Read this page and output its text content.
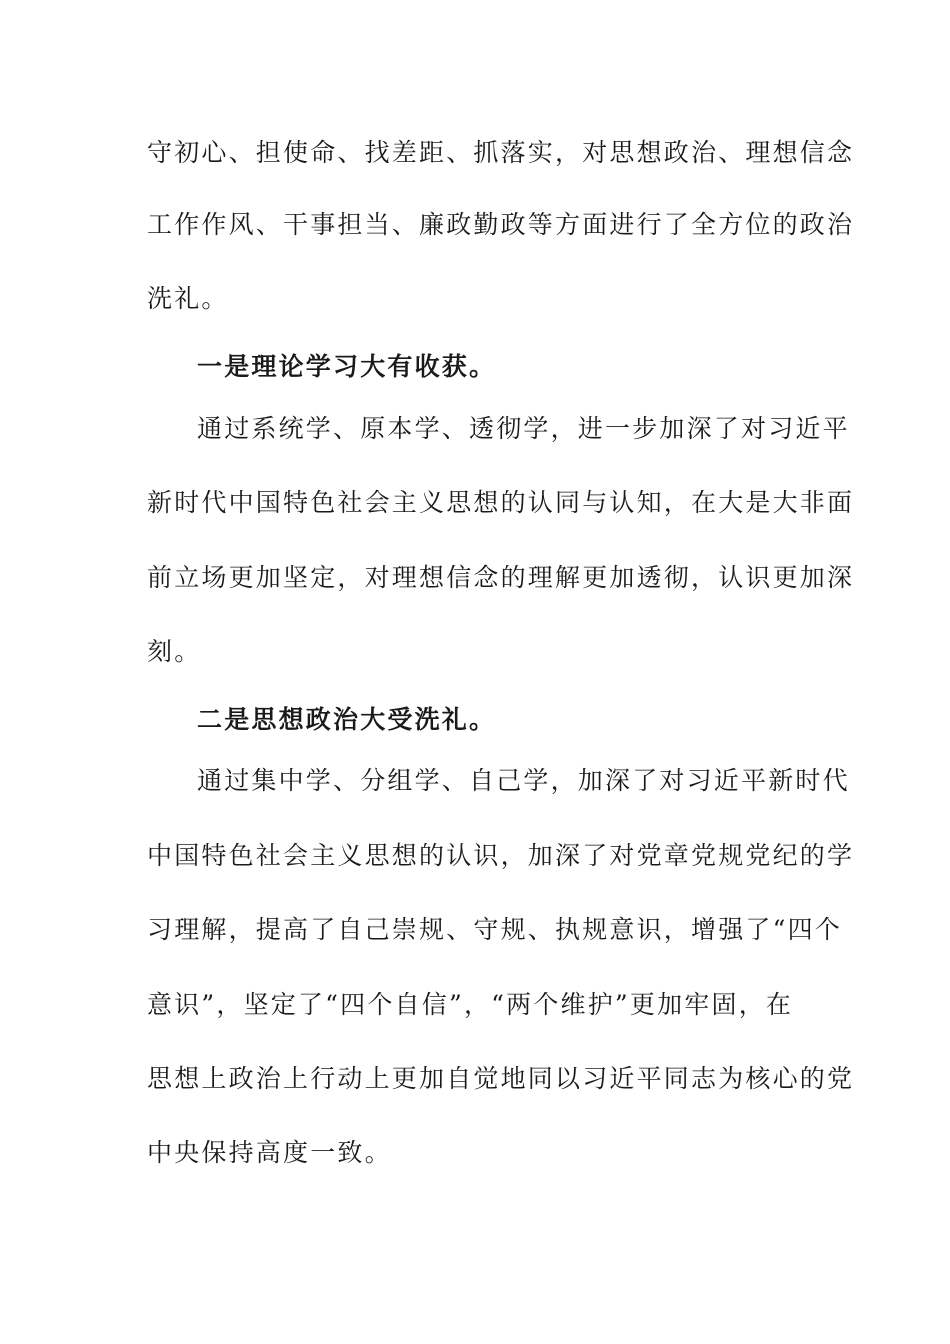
守初心、担使命、找差距、抓落实，对思想政治、理想信念
工作作风、干事担当、廉政勤政等方面进行了全方位的政治
洗礼。
一是理论学习大有收获。
通过系统学、原本学、透彻学，进一步加深了对习近平
新时代中国特色社会主义思想的认同与认知，在大是大非面
前立场更加坚定，对理想信念的理解更加透彻，认识更加深
刻。
二是思想政治大受洗礼。
通过集中学、分组学、自己学，加深了对习近平新时代
中国特色社会主义思想的认识，加深了对党章党规党纪的学
习理解，提高了自己崇规、守规、执规意识，增强了“四个
意识”，坚定了“四个自信”，“两个维护”更加牢固，在
思想上政治上行动上更加自觉地同以习近平同志为核心的党
中央保持高度一致。
